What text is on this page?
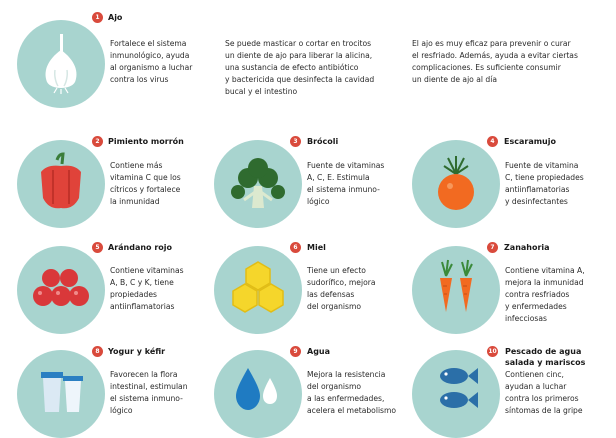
1	Ajo
Fortalece el sistema
inmunológico, ayuda
al organismo a luchar
contra los virus
Se puede masticar o cortar en trocitos
un diente de ajo para liberar la alicina,
una sustancia de efecto antibiótico
y bactericida que desinfecta la cavidad
bucal y el intestino
El ajo es muy eficaz para prevenir o curar
el resfriado. Además, ayuda a evitar ciertas
complicaciones. Es suficiente consumir
un diente de ajo al día
2	Pimiento morrón
Contiene más
vitamina C que los
cítricos y fortalece
la inmunidad
3	Brócoli
Fuente de vitaminas
A, C, E. Estimula
el sistema inmuno-
lógico
4	Escaramujo
Fuente de vitamina
C, tiene propiedades
antiinflamatorias
y desinfectantes
5	Arándano rojo
Contiene vitaminas
A, B, C y K, tiene
propiedades
antiinflamatorias
6	Miel
Tiene un efecto
sudorífico, mejora
las defensas
del organismo
7	Zanahoria
Contiene vitamina A,
mejora la inmunidad
contra resfriados
y enfermedades
infecciosas
8	Yogur y kéfir
Favorecen la flora
intestinal, estimulan
el sistema inmuno-
lógico
9	Agua
Mejora la resistencia
del organismo
a las enfermedades,
acelera el metabolismo
10 Pescado de agua
salada y mariscos
Contienen cinc,
ayudan a luchar
contra los primeros
síntomas de la gripe
